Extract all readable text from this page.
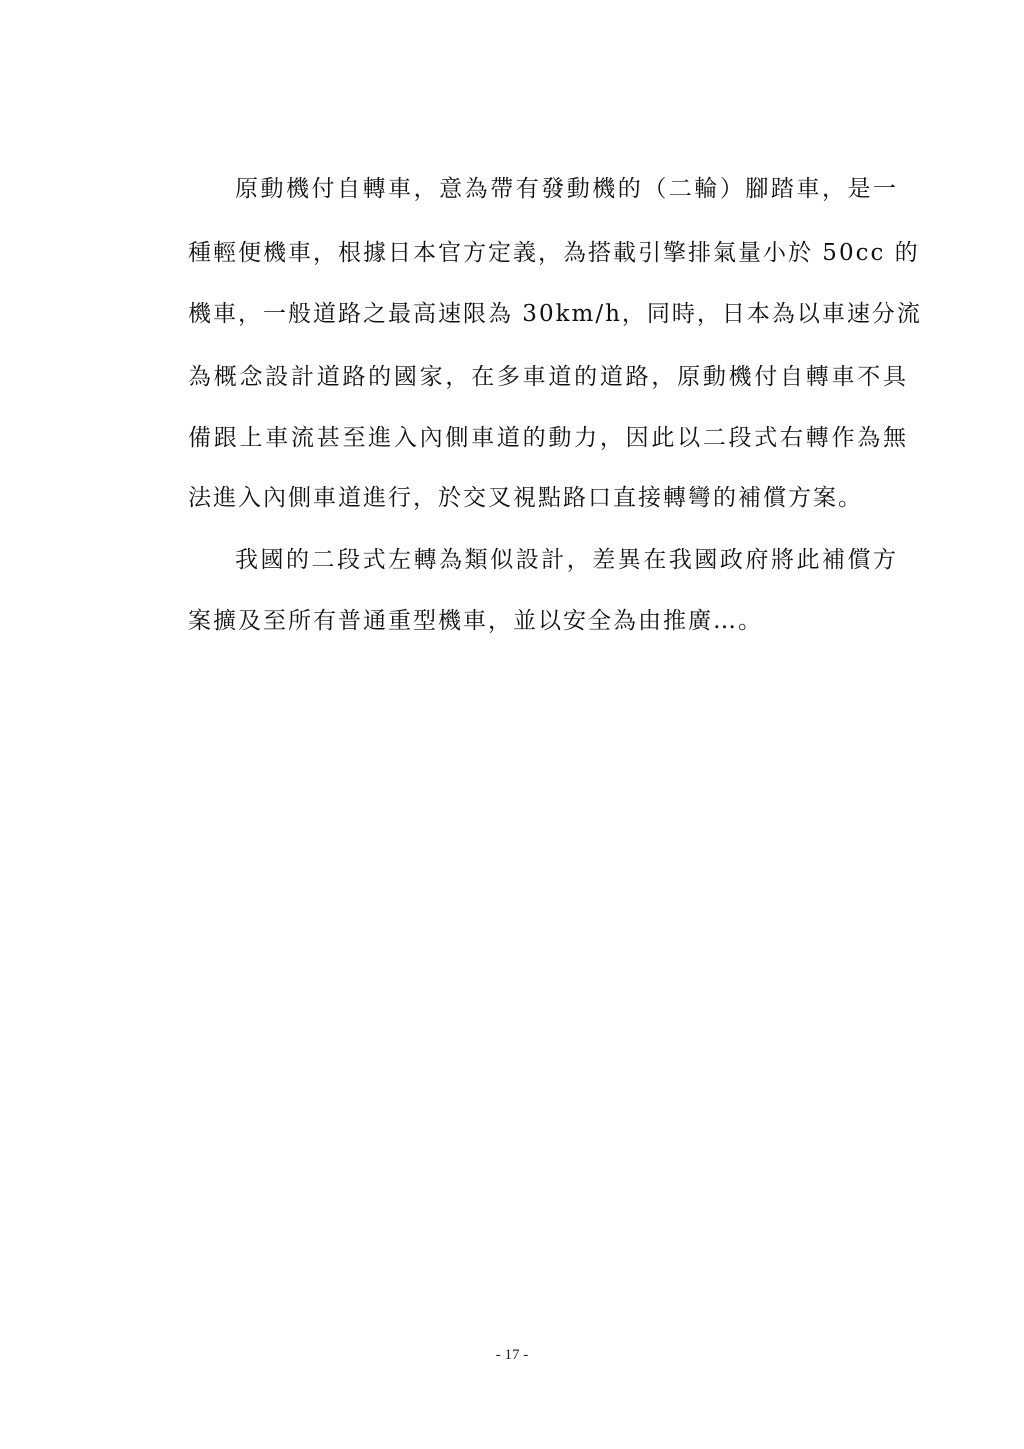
原動機付自轉車，意為帶有發動機的（二輪）腳踏車，是一
種輕便機車，根據日本官方定義，為搭載引擎排氣量小於 50cc 的
機車，一般道路之最高速限為 30km/h，同時，日本為以車速分流
為概念設計道路的國家，在多車道的道路，原動機付自轉車不具
備跟上車流甚至進入內側車道的動力，因此以二段式右轉作為無
法進入內側車道進行，於交叉視點路口直接轉彎的補償方案。
我國的二段式左轉為類似設計，差異在我國政府將此補償方
案擴及至所有普通重型機車，並以安全為由推廣…。
- 17 -
